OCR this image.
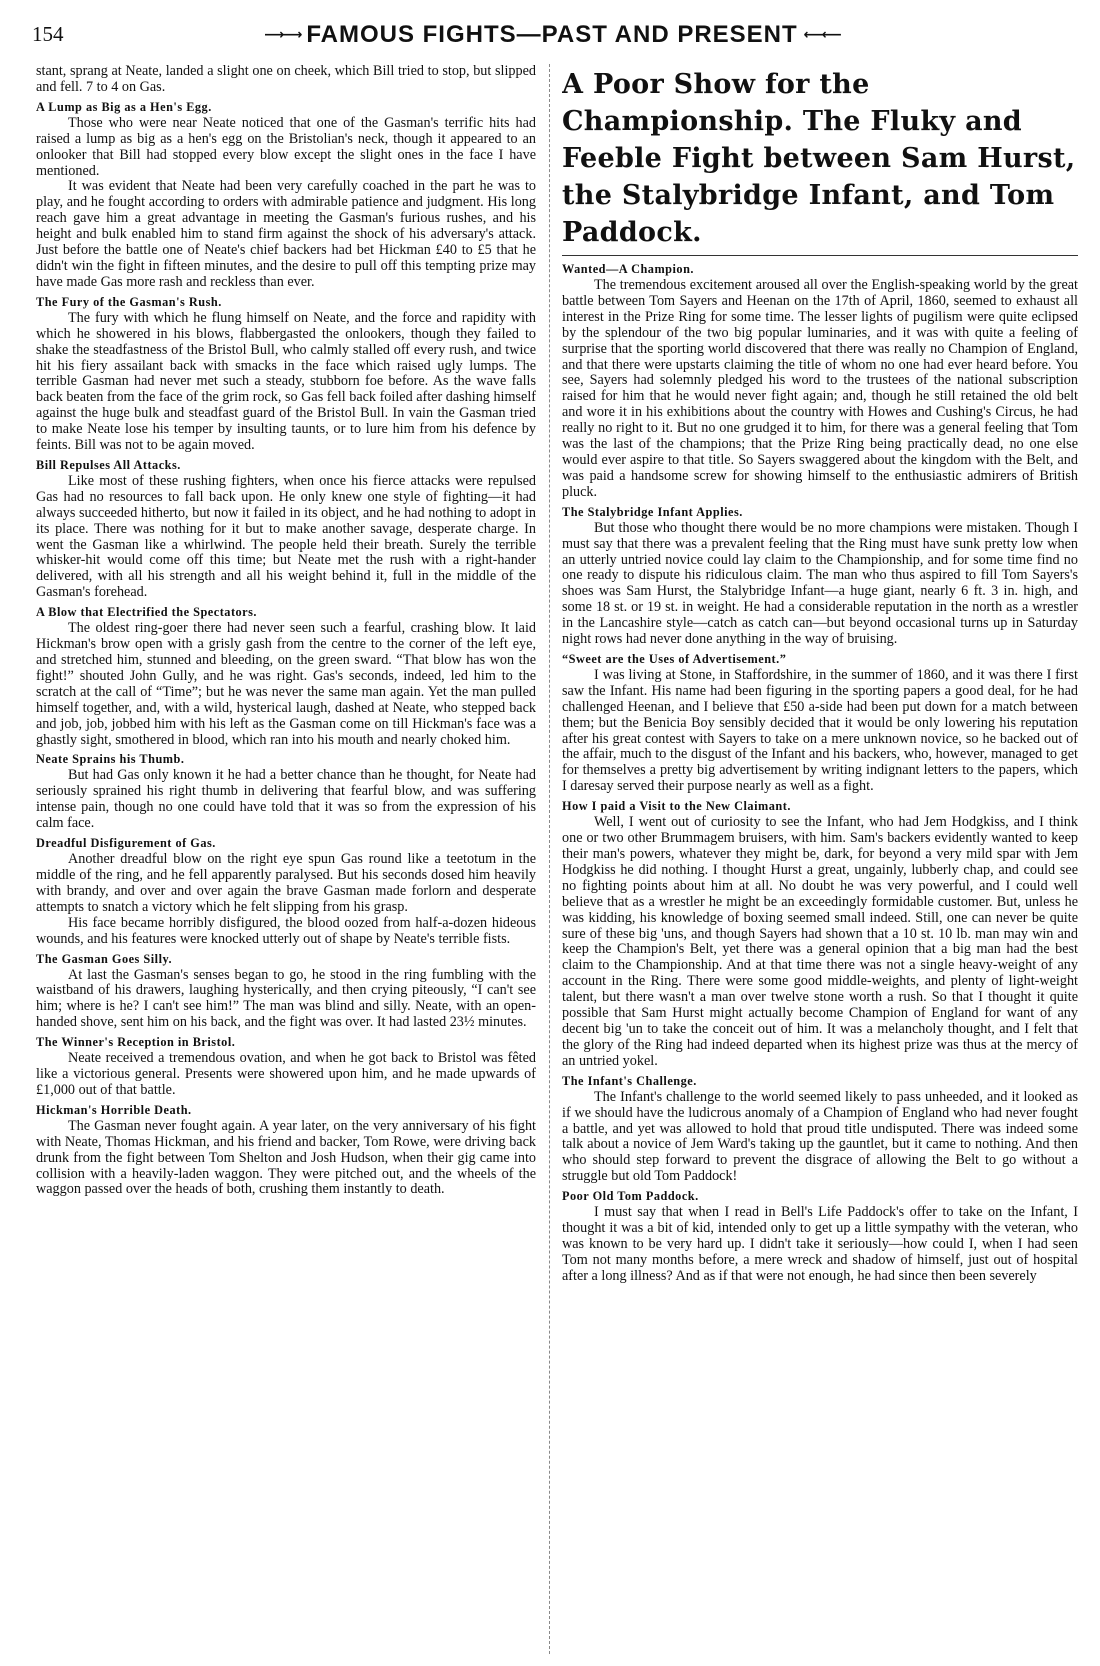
154	⟶⟶ FAMOUS FIGHTS—PAST AND PRESENT ⟵⟵

stant, sprang at Neate, landed a slight one on cheek, which Bill tried to stop, but slipped and fell. 7 to 4 on Gas.

A Lump as Big as a Hen's Egg.

Those who were near Neate noticed that one of the Gasman's terrific hits had raised a lump as big as a hen's egg on the Bristolian's neck, though it appeared to an onlooker that Bill had stopped every blow except the slight ones in the face I have mentioned.

It was evident that Neate had been very carefully coached in the part he was to play, and he fought according to orders with admirable patience and judgment. His long reach gave him a great advantage in meeting the Gasman's furious rushes, and his height and bulk enabled him to stand firm against the shock of his adversary's attack. Just before the battle one of Neate's chief backers had bet Hickman £40 to £5 that he didn't win the fight in fifteen minutes, and the desire to pull off this tempting prize may have made Gas more rash and reckless than ever.

The Fury of the Gasman's Rush.

The fury with which he flung himself on Neate, and the force and rapidity with which he showered in his blows, flabbergasted the onlookers, though they failed to shake the steadfastness of the Bristol Bull, who calmly stalled off every rush, and twice hit his fiery assailant back with smacks in the face which raised ugly lumps. The terrible Gasman had never met such a steady, stubborn foe before. As the wave falls back beaten from the face of the grim rock, so Gas fell back foiled after dashing himself against the huge bulk and steadfast guard of the Bristol Bull. In vain the Gasman tried to make Neate lose his temper by insulting taunts, or to lure him from his defence by feints. Bill was not to be again moved.

Bill Repulses All Attacks.

Like most of these rushing fighters, when once his fierce attacks were repulsed Gas had no resources to fall back upon. He only knew one style of fighting—it had always succeeded hitherto, but now it failed in its object, and he had nothing to adopt in its place. There was nothing for it but to make another savage, desperate charge. In went the Gasman like a whirlwind. The people held their breath. Surely the terrible whisker-hit would come off this time; but Neate met the rush with a right-hander delivered, with all his strength and all his weight behind it, full in the middle of the Gasman's forehead.

A Blow that Electrified the Spectators.

The oldest ring-goer there had never seen such a fearful, crashing blow. It laid Hickman's brow open with a grisly gash from the centre to the corner of the left eye, and stretched him, stunned and bleeding, on the green sward. “That blow has won the fight!” shouted John Gully, and he was right. Gas's seconds, indeed, led him to the scratch at the call of “Time”; but he was never the same man again. Yet the man pulled himself together, and, with a wild, hysterical laugh, dashed at Neate, who stepped back and job, job, jobbed him with his left as the Gasman come on till Hickman's face was a ghastly sight, smothered in blood, which ran into his mouth and nearly choked him.

Neate Sprains his Thumb.

But had Gas only known it he had a better chance than he thought, for Neate had seriously sprained his right thumb in delivering that fearful blow, and was suffering intense pain, though no one could have told that it was so from the expression of his calm face.

Dreadful Disfigurement of Gas.

Another dreadful blow on the right eye spun Gas round like a teetotum in the middle of the ring, and he fell apparently paralysed. But his seconds dosed him heavily with brandy, and over and over again the brave Gasman made forlorn and desperate attempts to snatch a victory which he felt slipping from his grasp.

His face became horribly disfigured, the blood oozed from half-a-dozen hideous wounds, and his features were knocked utterly out of shape by Neate's terrible fists.

The Gasman Goes Silly.

At last the Gasman's senses began to go, he stood in the ring fumbling with the waistband of his drawers, laughing hysterically, and then crying piteously, “I can't see him; where is he? I can't see him!” The man was blind and silly. Neate, with an open-handed shove, sent him on his back, and the fight was over. It had lasted 23½ minutes.

The Winner's Reception in Bristol.

Neate received a tremendous ovation, and when he got back to Bristol was fêted like a victorious general. Presents were showered upon him, and he made upwards of £1,000 out of that battle.

Hickman's Horrible Death.

The Gasman never fought again. A year later, on the very anniversary of his fight with Neate, Thomas Hickman, and his friend and backer, Tom Rowe, were driving back drunk from the fight between Tom Shelton and Josh Hudson, when their gig came into collision with a heavily-laden waggon. They were pitched out, and the wheels of the waggon passed over the heads of both, crushing them instantly to death.

A Poor Show for the Championship. The Fluky and Feeble Fight between Sam Hurst, the Stalybridge Infant, and Tom Paddock.
Wanted—A Champion.

The tremendous excitement aroused all over the English-speaking world by the great battle between Tom Sayers and Heenan on the 17th of April, 1860, seemed to exhaust all interest in the Prize Ring for some time. The lesser lights of pugilism were quite eclipsed by the splendour of the two big popular luminaries, and it was with quite a feeling of surprise that the sporting world discovered that there was really no Champion of England, and that there were upstarts claiming the title of whom no one had ever heard before. You see, Sayers had solemnly pledged his word to the trustees of the national subscription raised for him that he would never fight again; and, though he still retained the old belt and wore it in his exhibitions about the country with Howes and Cushing's Circus, he had really no right to it. But no one grudged it to him, for there was a general feeling that Tom was the last of the champions; that the Prize Ring being practically dead, no one else would ever aspire to that title. So Sayers swaggered about the kingdom with the Belt, and was paid a handsome screw for showing himself to the enthusiastic admirers of British pluck.

The Stalybridge Infant Applies.

But those who thought there would be no more champions were mistaken. Though I must say that there was a prevalent feeling that the Ring must have sunk pretty low when an utterly untried novice could lay claim to the Championship, and for some time find no one ready to dispute his ridiculous claim. The man who thus aspired to fill Tom Sayers's shoes was Sam Hurst, the Stalybridge Infant—a huge giant, nearly 6 ft. 3 in. high, and some 18 st. or 19 st. in weight. He had a considerable reputation in the north as a wrestler in the Lancashire style—catch as catch can—but beyond occasional turns up in Saturday night rows had never done anything in the way of bruising.

“Sweet are the Uses of Advertisement.”

I was living at Stone, in Staffordshire, in the summer of 1860, and it was there I first saw the Infant. His name had been figuring in the sporting papers a good deal, for he had challenged Heenan, and I believe that £50 a-side had been put down for a match between them; but the Benicia Boy sensibly decided that it would be only lowering his reputation after his great contest with Sayers to take on a mere unknown novice, so he backed out of the affair, much to the disgust of the Infant and his backers, who, however, managed to get for themselves a pretty big advertisement by writing indignant letters to the papers, which I daresay served their purpose nearly as well as a fight.

How I paid a Visit to the New Claimant.

Well, I went out of curiosity to see the Infant, who had Jem Hodgkiss, and I think one or two other Brummagem bruisers, with him. Sam's backers evidently wanted to keep their man's powers, whatever they might be, dark, for beyond a very mild spar with Jem Hodgkiss he did nothing. I thought Hurst a great, ungainly, lubberly chap, and could see no fighting points about him at all. No doubt he was very powerful, and I could well believe that as a wrestler he might be an exceedingly formidable customer. But, unless he was kidding, his knowledge of boxing seemed small indeed. Still, one can never be quite sure of these big 'uns, and though Sayers had shown that a 10 st. 10 lb. man may win and keep the Champion's Belt, yet there was a general opinion that a big man had the best claim to the Championship. And at that time there was not a single heavy-weight of any account in the Ring. There were some good middle-weights, and plenty of light-weight talent, but there wasn't a man over twelve stone worth a rush. So that I thought it quite possible that Sam Hurst might actually become Champion of England for want of any decent big 'un to take the conceit out of him. It was a melancholy thought, and I felt that the glory of the Ring had indeed departed when its highest prize was thus at the mercy of an untried yokel.

The Infant's Challenge.

The Infant's challenge to the world seemed likely to pass unheeded, and it looked as if we should have the ludicrous anomaly of a Champion of England who had never fought a battle, and yet was allowed to hold that proud title undisputed. There was indeed some talk about a novice of Jem Ward's taking up the gauntlet, but it came to nothing. And then who should step forward to prevent the disgrace of allowing the Belt to go without a struggle but old Tom Paddock!

Poor Old Tom Paddock.

I must say that when I read in Bell's Life Paddock's offer to take on the Infant, I thought it was a bit of kid, intended only to get up a little sympathy with the veteran, who was known to be very hard up. I didn't take it seriously—how could I, when I had seen Tom not many months before, a mere wreck and shadow of himself, just out of hospital after a long illness? And as if that were not enough, he had since then been severely
